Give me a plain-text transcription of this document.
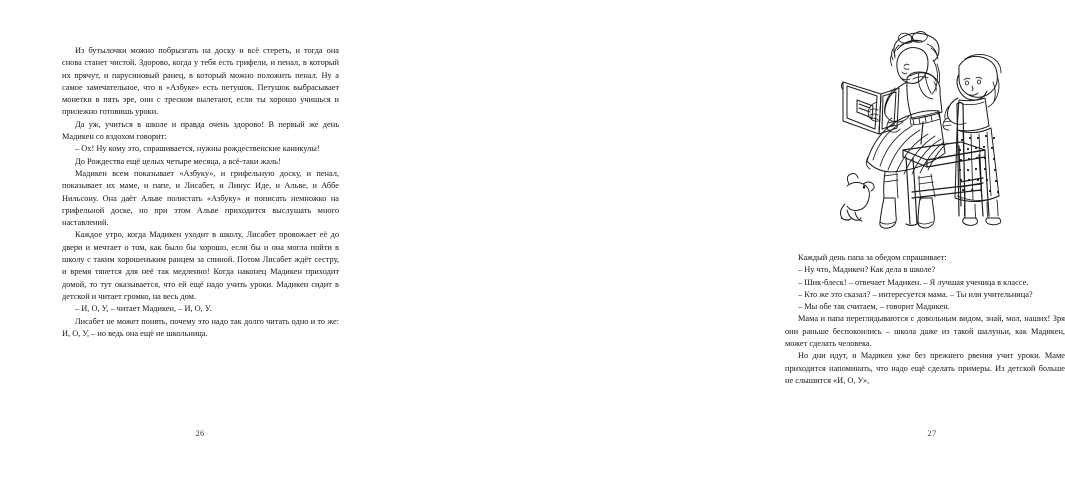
Из бутылочки можно побрызгать на доску и всё стереть, и тогда она снова станет чистой. Здорово, когда у тебя есть грифели, и пенал, в который их прячут, и парусиновый ранец, в который можно положить пенал. Ну а самое замечательное, что в «Азбуке» есть петушок. Петушок выбрасывает монетки в пять эре, они с треском вылетают, если ты хорошо учишься и прилежно готовишь уроки.

Да уж, учиться в школе и правда очень здорово! В первый же день Мадикен со вздохом говорит:

– Ох! Ну кому это, спрашивается, нужны рождественские каникулы!

До Рождества ещё целых четыре месяца, а всё-таки жаль!

Мадикен всем показывает «Азбуку», и грифельную доску, и пенал, показывает их маме, и папе, и Лисабет, и Линус Иде, и Альве, и Аббе Нильсону. Она даёт Альве полистать «Азбуку» и пописать немножко на грифельной доске, но при этом Альве приходится выслушать много наставлений.

Каждое утро, когда Мадикен уходит в школу, Лисабет провожает её до двери и мечтает о том, как было бы хорошо, если бы и она могла пойти в школу с таким хорошеньким ранцем за спиной. Потом Лисабет ждёт сестру, и время тянется для неё так медленно! Когда наконец Мадикен приходит домой, то тут оказывается, что ей ещё надо учить уроки. Мадикен сидит в детской и читает громко, на весь дом.

– И, О, У, – читает Мадикен, – И, О, У.

Лисабет не может понять, почему это надо так долго читать одно и то же: И, О, У, – но ведь она ещё не школьница.

26

Каждый день папа за обедом спрашивает:

– Ну что, Мадикен? Как дела в школе?

– Шик-блеск! – отвечает Мадикен. – Я лучшая ученица в классе.

– Кто же это сказал? – интересуется мама. – Ты или учительница?

– Мы обе так считаем, – говорит Мадикен.

Мама и папа переглядываются с довольным видом, знай, мол, наших! Зря они раньше беспокоились – школа даже из такой шалуньи, как Мадикен, может сделать человека.

Но дни идут, и Мадикен уже без прежнего рвения учит уроки. Маме приходится напоминать, что надо ещё сделать примеры. Из детской больше не слышится «И, О, У»,

27
